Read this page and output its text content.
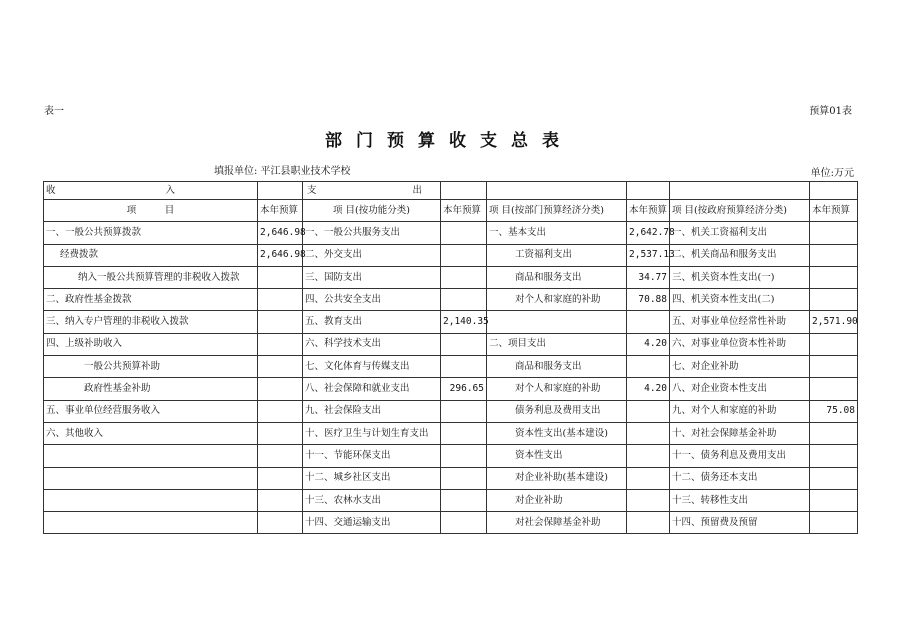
表一	预算01表
部门预算收支总表
填报单位: 平江县职业技术学校	单位:万元
收 入		支 出					

项　　　目	本年预算	项 目(按功能分类)	本年预算	项 目(按部门预算经济分类)	本年预算	项 目(按政府预算经济分类)	本年预算
一、一般公共预算拨款	2,646.98	一、一般公共服务支出		一、基本支出	2,642.78	一、机关工资福利支出	
经费拨款	2,646.98	二、外交支出		工资福利支出	2,537.13	二、机关商品和服务支出	
纳入一般公共预算管理的非税收入拨款		三、国防支出		商品和服务支出	34.77	三、机关资本性支出(一)	
二、政府性基金拨款		四、公共安全支出		对个人和家庭的补助	70.88	四、机关资本性支出(二)	
三、纳入专户管理的非税收入拨款		五、教育支出	2,140.35			五、对事业单位经常性补助	2,571.90
四、上级补助收入		六、科学技术支出		二、项目支出	4.20	六、对事业单位资本性补助	
一般公共预算补助		七、文化体育与传媒支出		商品和服务支出		七、对企业补助	
政府性基金补助		八、社会保障和就业支出	296.65	对个人和家庭的补助	4.20	八、对企业资本性支出	
五、事业单位经营服务收入		九、社会保险支出		债务利息及费用支出		九、对个人和家庭的补助	75.08
六、其他收入		十、医疗卫生与计划生育支出		资本性支出(基本建设)		十、对社会保障基金补助	
		十一、节能环保支出		资本性支出		十一、债务利息及费用支出	
		十二、城乡社区支出		对企业补助(基本建设)		十二、债务还本支出	
		十三、农林水支出		对企业补助		十三、转移性支出	
		十四、交通运输支出		对社会保障基金补助		十四、预留费及预留	
